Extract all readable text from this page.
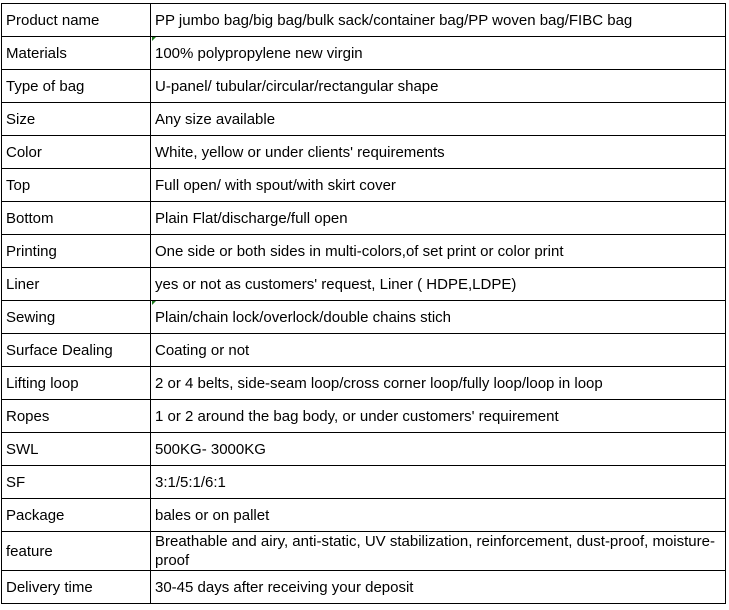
Product name	PP jumbo bag/big bag/bulk sack/container bag/PP woven bag/FIBC bag
Materials	100% polypropylene new virgin
Type of bag	U-panel/ tubular/circular/rectangular shape
Size	Any size available
Color	White, yellow or under clients' requirements
Top	Full open/ with spout/with skirt cover
Bottom	Plain Flat/discharge/full open
Printing	One side or both sides in multi-colors,of set print or color print
Liner	yes or not as customers' request, Liner ( HDPE,LDPE)
Sewing	Plain/chain lock/overlock/double chains stich
Surface Dealing	Coating or not
Lifting loop	2 or 4 belts, side-seam loop/cross corner loop/fully loop/loop in loop
Ropes	1 or 2 around the bag body, or under customers' requirement
SWL	500KG- 3000KG
SF	3:1/5:1/6:1
Package	bales or on pallet
feature	Breathable and airy, anti-static, UV stabilization, reinforcement, dust-proof, moisture-proof
Delivery time	30-45 days after receiving your deposit
